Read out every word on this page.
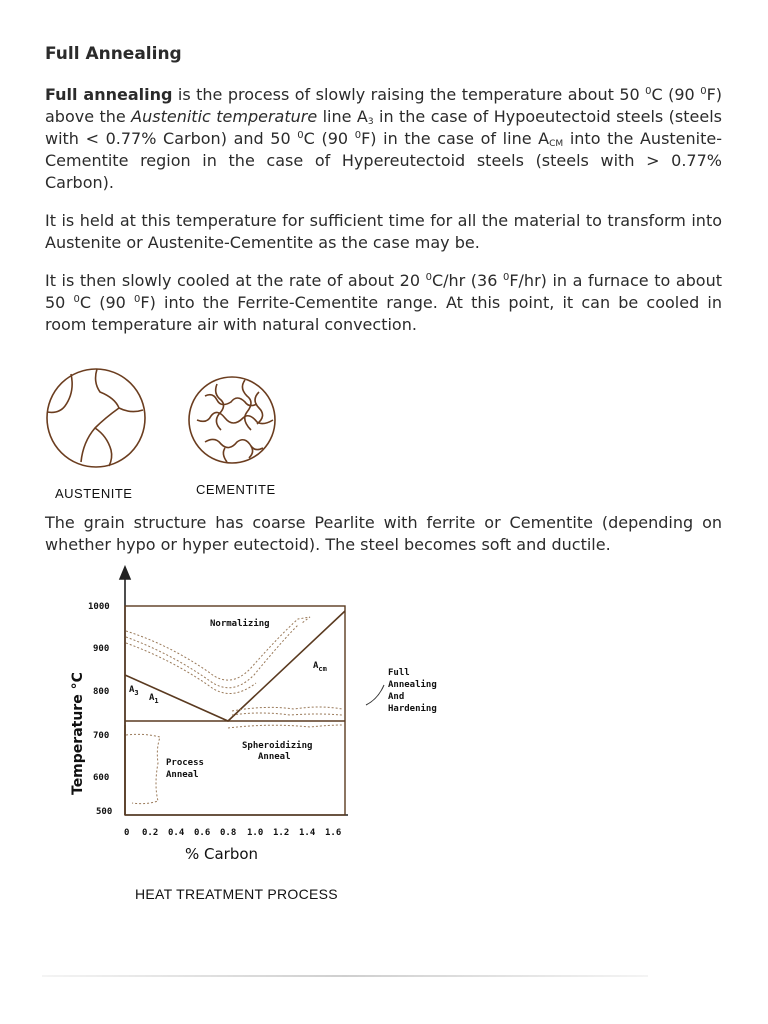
Full Annealing

Full annealing is the process of slowly raising the temperature about 50 $^0$C (90 $^0$F) above the Austenitic temperature line $A_3$ in the case of Hypoeutectoid steels (steels with < 0.77% Carbon) and 50 $^0$C (90 $^0$F) in the case of line $A_{CM}$ into the Austenite-Cementite region in the case of Hypereutectoid steels (steels with > 0.77% Carbon).

It is held at this temperature for sufficient time for all the material to transform into Austenite or Austenite-Cementite as the case may be.

It is then slowly cooled at the rate of about 20 $^0$C/hr (36 $^0$F/hr) in a furnace to about 50 $^0$C (90 $^0$F) into the Ferrite-Cementite range. At this point, it can be cooled in room temperature air with natural convection.

AUSTENITE	CEMENTITE

The grain structure has coarse Pearlite with ferrite or Cementite (depending on whether hypo or hyper eutectoid). The steel becomes soft and ductile.

1000
900
800
700
600
500
0 0.2 0.4 0.6 0.8 1.0 1.2 1.4 1.6
Temperature °C
% Carbon
Normalizing
$A_{cm}$
$A_3$ $A_1$
Spheroidizing
Anneal
Process
Anneal
Full
Annealing
And
Hardening
HEAT TREATMENT PROCESS
